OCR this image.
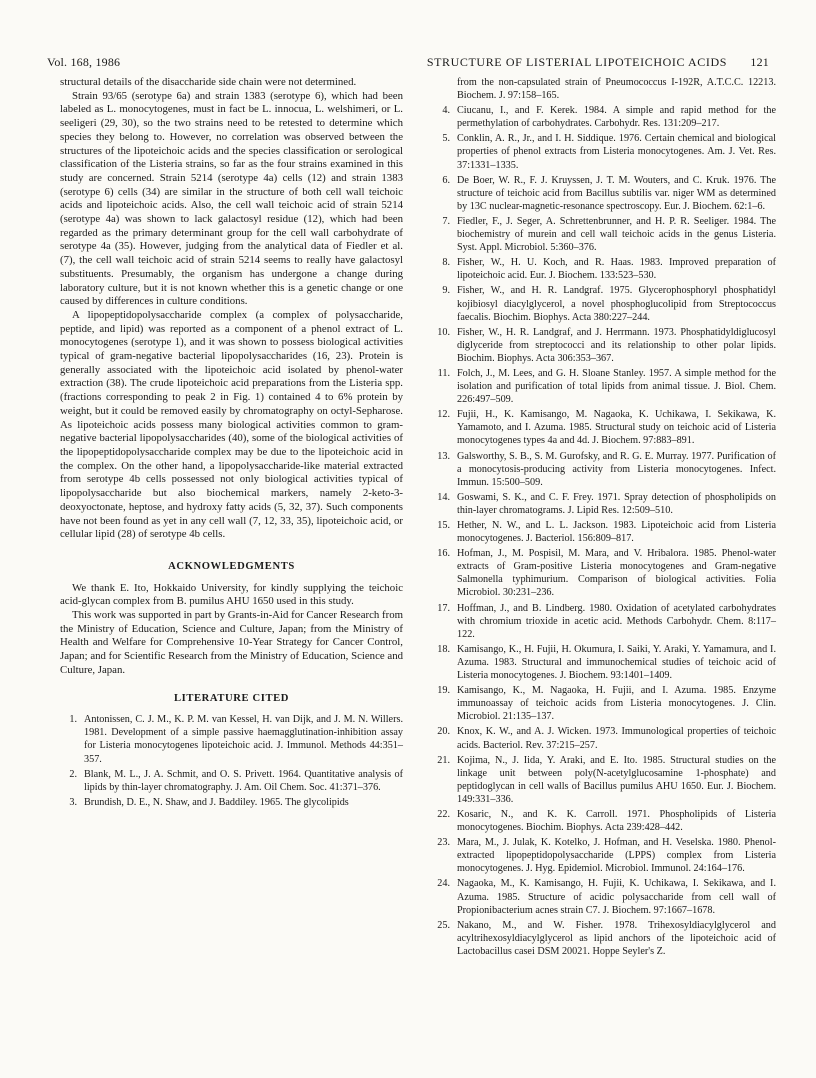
Vol. 168, 1986	STRUCTURE OF LISTERIAL LIPOTEICHOIC ACIDS 121

structural details of the disaccharide side chain were not determined.

Strain 93/65 (serotype 6a) and strain 1383 (serotype 6), which had been labeled as L. monocytogenes, must in fact be L. innocua, L. welshimeri, or L. seeligeri (29, 30), so the two strains need to be retested to determine which species they belong to. However, no correlation was observed between the structures of the lipoteichoic acids and the species classification or serological classification of the Listeria strains, so far as the four strains examined in this study are concerned. Strain 5214 (serotype 4a) cells (12) and strain 1383 (serotype 6) cells (34) are similar in the structure of both cell wall teichoic acids and lipoteichoic acids. Also, the cell wall teichoic acid of strain 5214 (serotype 4a) was shown to lack galactosyl residue (12), which had been regarded as the primary determinant group for the cell wall carbohydrate of serotype 4a (35). However, judging from the analytical data of Fiedler et al. (7), the cell wall teichoic acid of strain 5214 seems to really have galactosyl substituents. Presumably, the organism has undergone a change during laboratory culture, but it is not known whether this is a genetic change or one caused by differences in culture conditions.

A lipopeptidopolysaccharide complex (a complex of polysaccharide, peptide, and lipid) was reported as a component of a phenol extract of L. monocytogenes (serotype 1), and it was shown to possess biological activities typical of gram-negative bacterial lipopolysaccharides (16, 23). Protein is generally associated with the lipoteichoic acid isolated by phenol-water extraction (38). The crude lipoteichoic acid preparations from the Listeria spp. (fractions corresponding to peak 2 in Fig. 1) contained 4 to 6% protein by weight, but it could be removed easily by chromatography on octyl-Sepharose. As lipoteichoic acids possess many biological activities common to gram-negative bacterial lipopolysaccharides (40), some of the biological activities of the lipopeptidopolysaccharide complex may be due to the lipoteichoic acid in the complex. On the other hand, a lipopolysaccharide-like material extracted from serotype 4b cells possessed not only biological activities typical of lipopolysaccharide but also biochemical markers, namely 2-keto-3-deoxyoctonate, heptose, and hydroxy fatty acids (5, 32, 37). Such components have not been found as yet in any cell wall (7, 12, 33, 35), lipoteichoic acid, or cellular lipid (28) of serotype 4b cells.

ACKNOWLEDGMENTS

We thank E. Ito, Hokkaido University, for kindly supplying the teichoic acid-glycan complex from B. pumilus AHU 1650 used in this study.

This work was supported in part by Grants-in-Aid for Cancer Research from the Ministry of Education, Science and Culture, Japan; from the Ministry of Health and Welfare for Comprehensive 10-Year Strategy for Cancer Control, Japan; and for Scientific Research from the Ministry of Education, Science and Culture, Japan.

LITERATURE CITED
1. Antonissen, C. J. M., K. P. M. van Kessel, H. van Dijk, and J. M. N. Willers. 1981. Development of a simple passive haemagglutination-inhibition assay for Listeria monocytogenes lipoteichoic acid. J. Immunol. Methods 44:351–357.
2. Blank, M. L., J. A. Schmit, and O. S. Privett. 1964. Quantitative analysis of lipids by thin-layer chromatography. J. Am. Oil Chem. Soc. 41:371–376.
3. Brundish, D. E., N. Shaw, and J. Baddiley. 1965. The glycolipids
from the non-capsulated strain of Pneumococcus I-192R, A.T.C.C. 12213. Biochem. J. 97:158–165.
4. Ciucanu, I., and F. Kerek. 1984. A simple and rapid method for the permethylation of carbohydrates. Carbohydr. Res. 131:209–217.
5. Conklin, A. R., Jr., and I. H. Siddique. 1976. Certain chemical and biological properties of phenol extracts from Listeria monocytogenes. Am. J. Vet. Res. 37:1331–1335.
6. De Boer, W. R., F. J. Kruyssen, J. T. M. Wouters, and C. Kruk. 1976. The structure of teichoic acid from Bacillus subtilis var. niger WM as determined by 13C nuclear-magnetic-resonance spectroscopy. Eur. J. Biochem. 62:1–6.
7. Fiedler, F., J. Seger, A. Schrettenbrunner, and H. P. R. Seeliger. 1984. The biochemistry of murein and cell wall teichoic acids in the genus Listeria. Syst. Appl. Microbiol. 5:360–376.
8. Fisher, W., H. U. Koch, and R. Haas. 1983. Improved preparation of lipoteichoic acid. Eur. J. Biochem. 133:523–530.
9. Fisher, W., and H. R. Landgraf. 1975. Glycerophosphoryl phosphatidyl kojibiosyl diacylglycerol, a novel phosphoglucolipid from Streptococcus faecalis. Biochim. Biophys. Acta 380:227–244.
10. Fisher, W., H. R. Landgraf, and J. Herrmann. 1973. Phosphatidyldiglucosyl diglyceride from streptococci and its relationship to other polar lipids. Biochim. Biophys. Acta 306:353–367.
11. Folch, J., M. Lees, and G. H. Sloane Stanley. 1957. A simple method for the isolation and purification of total lipids from animal tissue. J. Biol. Chem. 226:497–509.
12. Fujii, H., K. Kamisango, M. Nagaoka, K. Uchikawa, I. Sekikawa, K. Yamamoto, and I. Azuma. 1985. Structural study on teichoic acid of Listeria monocytogenes types 4a and 4d. J. Biochem. 97:883–891.
13. Galsworthy, S. B., S. M. Gurofsky, and R. G. E. Murray. 1977. Purification of a monocytosis-producing activity from Listeria monocytogenes. Infect. Immun. 15:500–509.
14. Goswami, S. K., and C. F. Frey. 1971. Spray detection of phospholipids on thin-layer chromatograms. J. Lipid Res. 12:509–510.
15. Hether, N. W., and L. L. Jackson. 1983. Lipoteichoic acid from Listeria monocytogenes. J. Bacteriol. 156:809–817.
16. Hofman, J., M. Pospisil, M. Mara, and V. Hribalora. 1985. Phenol-water extracts of Gram-positive Listeria monocytogenes and Gram-negative Salmonella typhimurium. Comparison of biological activities. Folia Microbiol. 30:231–236.
17. Hoffman, J., and B. Lindberg. 1980. Oxidation of acetylated carbohydrates with chromium trioxide in acetic acid. Methods Carbohydr. Chem. 8:117–122.
18. Kamisango, K., H. Fujii, H. Okumura, I. Saiki, Y. Araki, Y. Yamamura, and I. Azuma. 1983. Structural and immunochemical studies of teichoic acid of Listeria monocytogenes. J. Biochem. 93:1401–1409.
19. Kamisango, K., M. Nagaoka, H. Fujii, and I. Azuma. 1985. Enzyme immunoassay of teichoic acids from Listeria monocytogenes. J. Clin. Microbiol. 21:135–137.
20. Knox, K. W., and A. J. Wicken. 1973. Immunological properties of teichoic acids. Bacteriol. Rev. 37:215–257.
21. Kojima, N., J. Iida, Y. Araki, and E. Ito. 1985. Structural studies on the linkage unit between poly(N-acetylglucosamine 1-phosphate) and peptidoglycan in cell walls of Bacillus pumilus AHU 1650. Eur. J. Biochem. 149:331–336.
22. Kosaric, N., and K. K. Carroll. 1971. Phospholipids of Listeria monocytogenes. Biochim. Biophys. Acta 239:428–442.
23. Mara, M., J. Julak, K. Kotelko, J. Hofman, and H. Veselska. 1980. Phenol-extracted lipopeptidopolysaccharide (LPPS) complex from Listeria monocytogenes. J. Hyg. Epidemiol. Microbiol. Immunol. 24:164–176.
24. Nagaoka, M., K. Kamisango, H. Fujii, K. Uchikawa, I. Sekikawa, and I. Azuma. 1985. Structure of acidic polysaccharide from cell wall of Propionibacterium acnes strain C7. J. Biochem. 97:1667–1678.
25. Nakano, M., and W. Fisher. 1978. Trihexosyldiacylglycerol and acyltrihexosyldiacylglycerol as lipid anchors of the lipoteichoic acid of Lactobacillus casei DSM 20021. Hoppe Seyler's Z.
